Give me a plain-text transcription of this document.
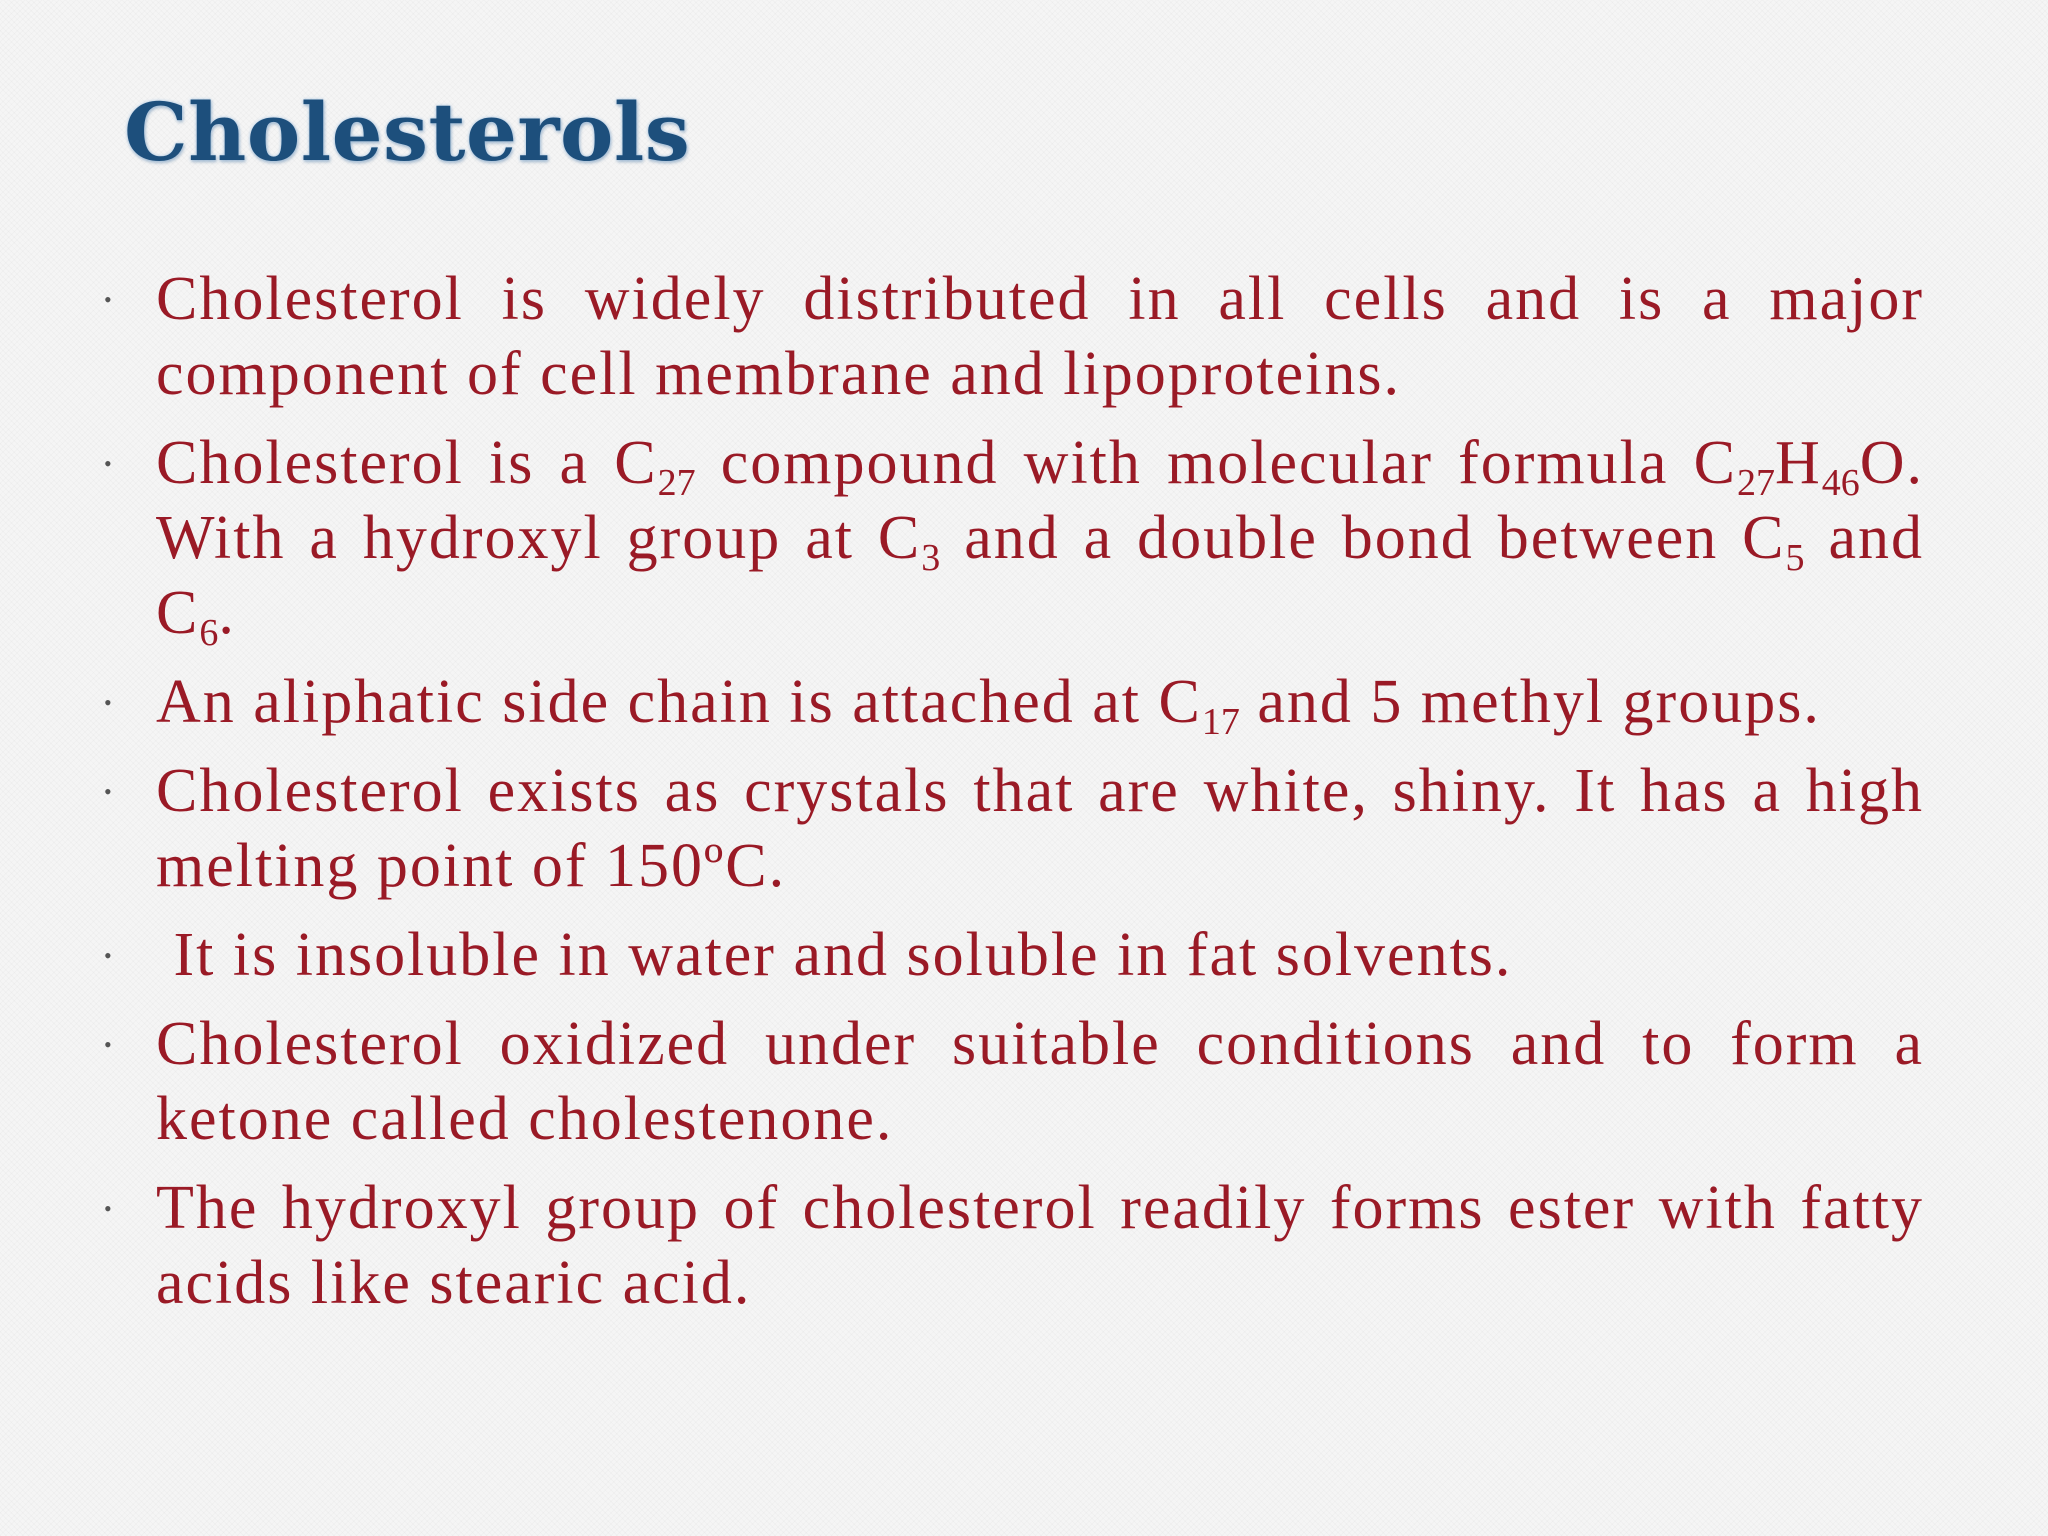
Cholesterols
• Cholesterol is widely distributed in all cells and is a major component of cell membrane and lipoproteins.
• Cholesterol is a $C_{27}$ compound with molecular formula $C_{27}H_{46}O$. With a hydroxyl group at $C_3$ and a double bond between $C_5$ and $C_6$.
• An aliphatic side chain is attached at $C_{17}$ and 5 methyl groups.
• Cholesterol exists as crystals that are white, shiny. It has a high melting point of 150ºC.
• It is insoluble in water and soluble in fat solvents.
• Cholesterol oxidized under suitable conditions and to form a ketone called cholestenone.
• The hydroxyl group of cholesterol readily forms ester with fatty acids like stearic acid.
